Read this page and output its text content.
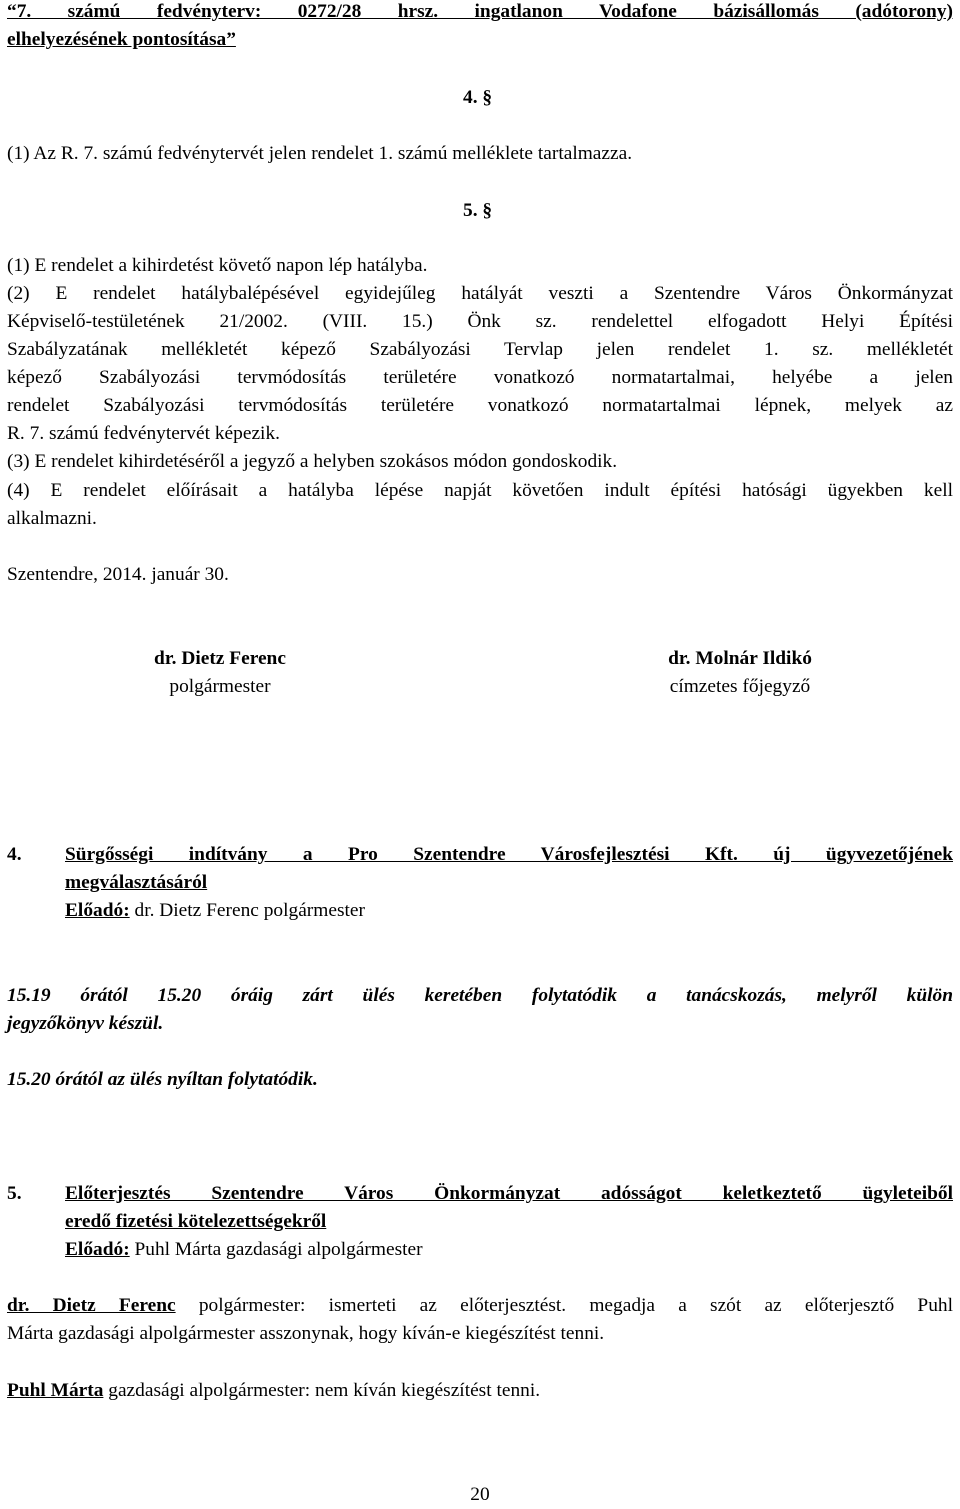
“7. számú fedvényterv: 0272/28 hrsz. ingatlanon Vodafone bázisállomás (adótorony)
elhelyezésének pontosítása”
4. §
(1) Az R. 7. számú fedvénytervét jelen rendelet 1. számú melléklete tartalmazza.
5. §
(1) E rendelet a kihirdetést követő napon lép hatályba.
(2) E rendelet hatálybalépésével egyidejűleg hatályát veszti a Szentendre Város Önkormányzat
Képviselő-testületének 21/2002. (VIII. 15.) Önk sz. rendelettel elfogadott Helyi Építési
Szabályzatának mellékletét képező Szabályozási Tervlap jelen rendelet 1. sz. mellékletét
képező Szabályozási tervmódosítás területére vonatkozó normatartalmai, helyébe a jelen
rendelet Szabályozási tervmódosítás területére vonatkozó normatartalmai lépnek, melyek az
R. 7. számú fedvénytervét képezik.
(3) E rendelet kihirdetéséről a jegyző a helyben szokásos módon gondoskodik.
(4) E rendelet előírásait a hatályba lépése napját követően indult építési hatósági ügyekben kell
alkalmazni.
Szentendre, 2014. január 30.
dr. Dietz Ferenc
polgármester
dr. Molnár Ildikó
címzetes főjegyző
4. Sürgősségi indítvány a Pro Szentendre Városfejlesztési Kft. új ügyvezetőjének
megválasztásáról
Előadó: dr. Dietz Ferenc polgármester
15.19 órától 15.20 óráig zárt ülés keretében folytatódik a tanácskozás, melyről külön
jegyzőkönyv készül.
15.20 órától az ülés nyíltan folytatódik.
5. Előterjesztés Szentendre Város Önkormányzat adósságot keletkeztető ügyleteiből
eredő fizetési kötelezettségekről
Előadó: Puhl Márta gazdasági alpolgármester
dr. Dietz Ferenc polgármester: ismerteti az előterjesztést. megadja a szót az előterjesztő Puhl
Márta gazdasági alpolgármester asszonynak, hogy kíván-e kiegészítést tenni.
Puhl Márta gazdasági alpolgármester: nem kíván kiegészítést tenni.
20
